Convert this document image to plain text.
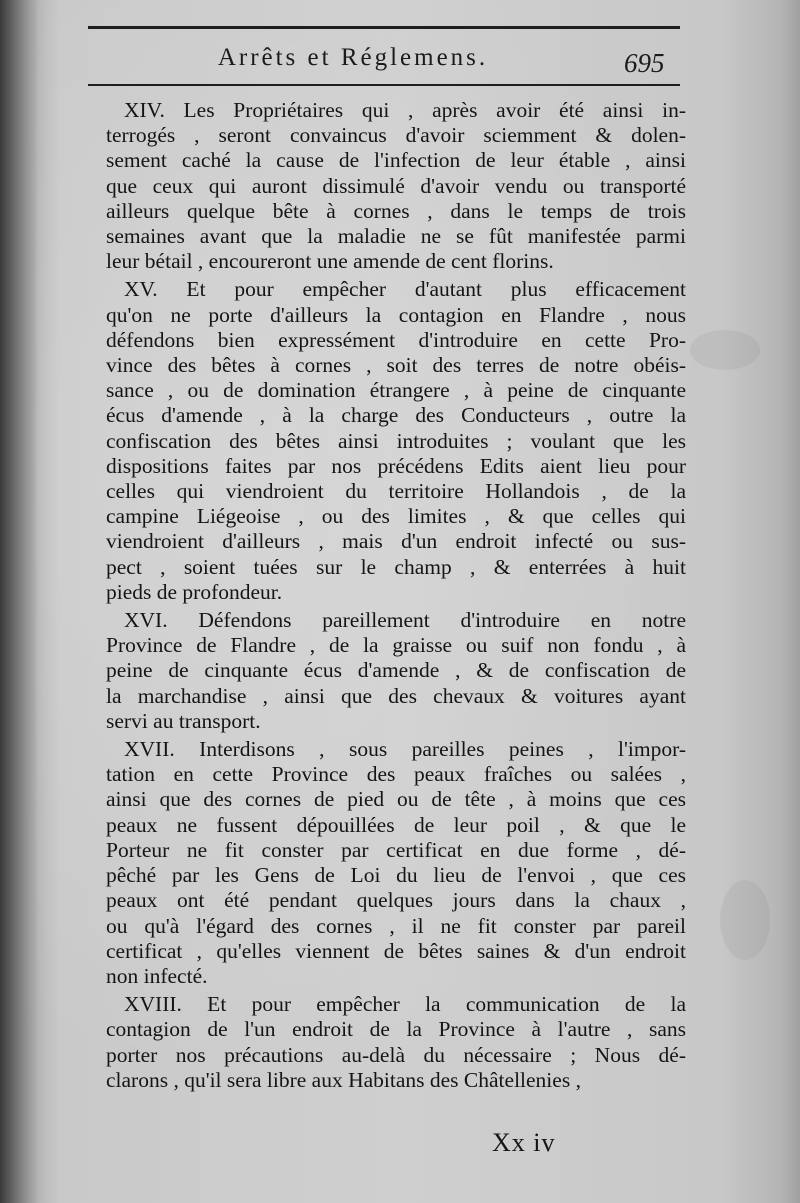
Arrêts et Réglemens.	695

XIV. Les Propriétaires qui , après avoir été ainsi in-
terrogés , seront convaincus d'avoir sciemment & dolen-
sement caché la cause de l'infection de leur étable , ainsi
que ceux qui auront dissimulé d'avoir vendu ou transporté
ailleurs quelque bête à cornes , dans le temps de trois
semaines avant que la maladie ne se fût manifestée parmi
leur bétail , encoureront une amende de cent florins.

XV. Et pour empêcher d'autant plus efficacement
qu'on ne porte d'ailleurs la contagion en Flandre , nous
défendons bien expressément d'introduire en cette Pro-
vince des bêtes à cornes , soit des terres de notre obéis-
sance , ou de domination étrangere , à peine de cinquante
écus d'amende , à la charge des Conducteurs , outre la
confiscation des bêtes ainsi introduites ; voulant que les
dispositions faites par nos précédens Edits aient lieu pour
celles qui viendroient du territoire Hollandois , de la
campine Liégeoise , ou des limites , & que celles qui
viendroient d'ailleurs , mais d'un endroit infecté ou sus-
pect , soient tuées sur le champ , & enterrées à huit
pieds de profondeur.

XVI. Défendons pareillement d'introduire en notre
Province de Flandre , de la graisse ou suif non fondu , à
peine de cinquante écus d'amende , & de confiscation de
la marchandise , ainsi que des chevaux & voitures ayant
servi au transport.

XVII. Interdisons , sous pareilles peines , l'impor-
tation en cette Province des peaux fraîches ou salées ,
ainsi que des cornes de pied ou de tête , à moins que ces
peaux ne fussent dépouillées de leur poil , & que le
Porteur ne fit conster par certificat en due forme , dé-
pêché par les Gens de Loi du lieu de l'envoi , que ces
peaux ont été pendant quelques jours dans la chaux ,
ou qu'à l'égard des cornes , il ne fit conster par pareil
certificat , qu'elles viennent de bêtes saines & d'un endroit
non infecté.

XVIII. Et pour empêcher la communication de la
contagion de l'un endroit de la Province à l'autre , sans
porter nos précautions au-delà du nécessaire ; Nous dé-
clarons , qu'il sera libre aux Habitans des Châtellenies ,

Xx iv
